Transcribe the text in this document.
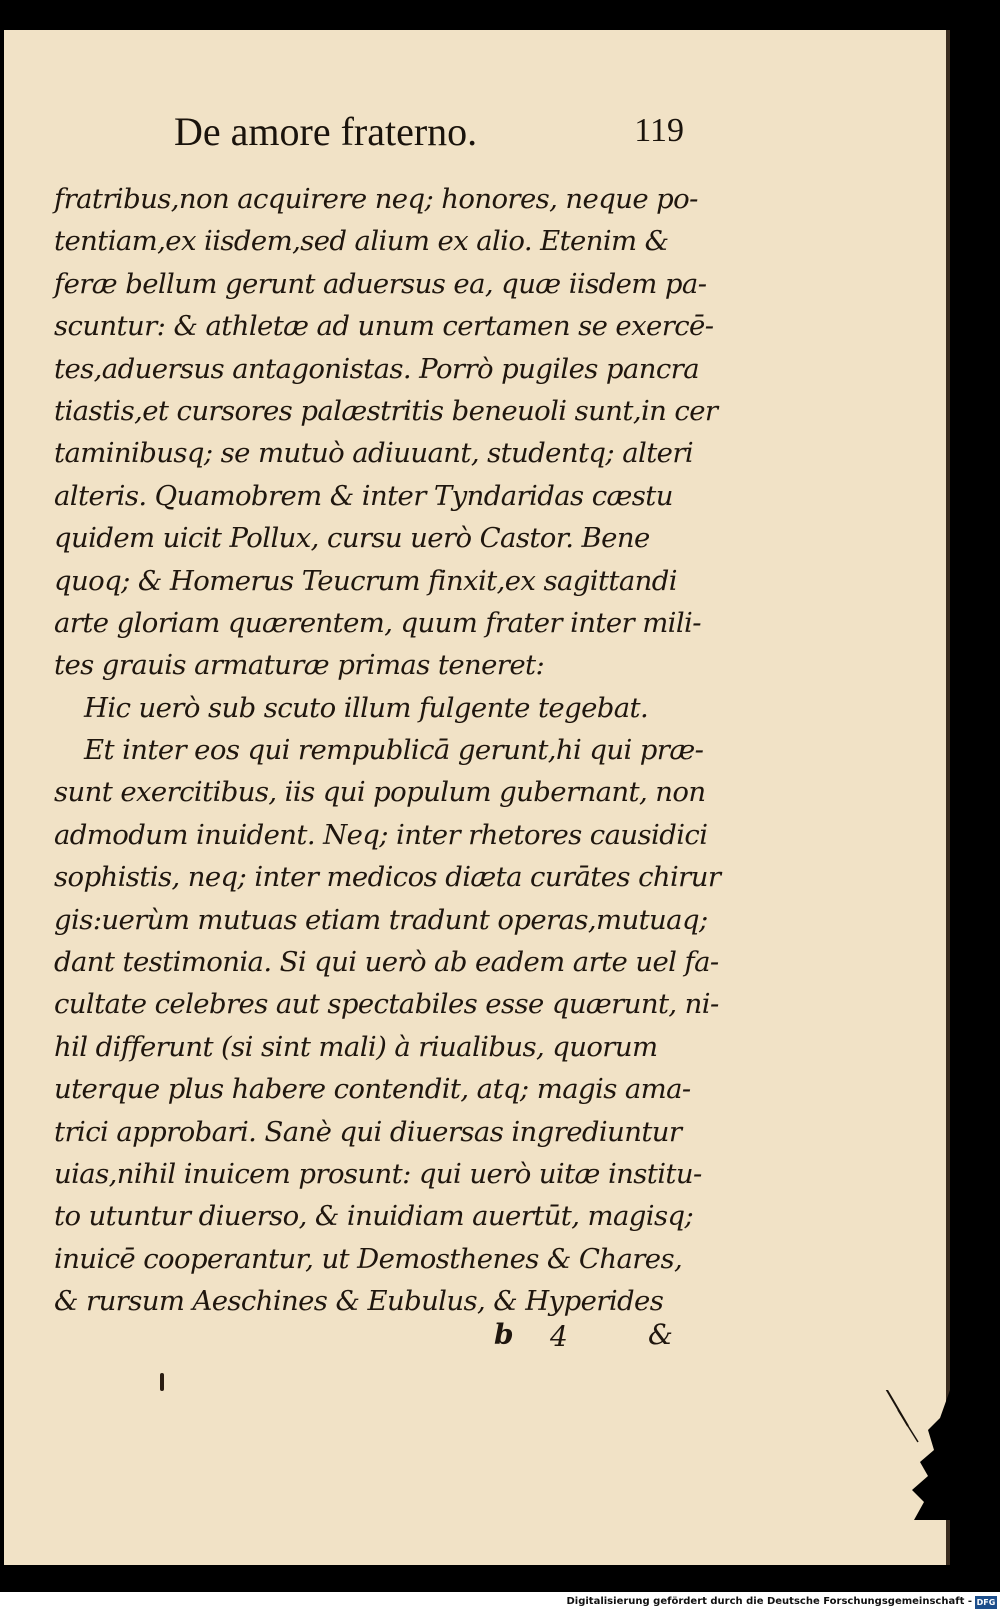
De amore fraterno.	119
fratribus,non acquirere neq; honores, neque po-
tentiam,ex iisdem,sed alium ex alio. Etenim &
feræ bellum gerunt aduersus ea, quæ iisdem pa-
scuntur: & athletæ ad unum certamen se exercē-
tes,aduersus antagonistas. Porrò pugiles pancra
tiastis,et cursores palæstritis beneuoli sunt,in cer
taminibusq; se mutuò adiuuant, studentq; alteri
alteris. Quamobrem & inter Tyndaridas cæstu
quidem uicit Pollux, cursu uerò Castor. Bene
quoq; & Homerus Teucrum finxit,ex sagittandi
arte gloriam quærentem, quum frater inter mili-
tes grauis armaturæ primas teneret:
Hic uerò sub scuto illum fulgente tegebat.
Et inter eos qui rempublicā gerunt,hi qui præ-
sunt exercitibus, iis qui populum gubernant, non
admodum inuident. Neq; inter rhetores causidici
sophistis, neq; inter medicos diæta curātes chirur
gis:uerùm mutuas etiam tradunt operas,mutuaq;
dant testimonia. Si qui uerò ab eadem arte uel fa-
cultate celebres aut spectabiles esse quærunt, ni-
hil differunt (si sint mali) à riualibus, quorum
uterque plus habere contendit, atq; magis ama-
trici approbari. Sanè qui diuersas ingrediuntur
uias,nihil inuicem prosunt: qui uerò uitæ institu-
to utuntur diuerso, & inuidiam auertūt, magisq;
inuicē cooperantur, ut Demosthenes & Chares,
& rursum Aeschines & Eubulus, & Hyperides
b 4	&
Digitalisierung gefördert durch die Deutsche Forschungsgemeinschaft - DFG
